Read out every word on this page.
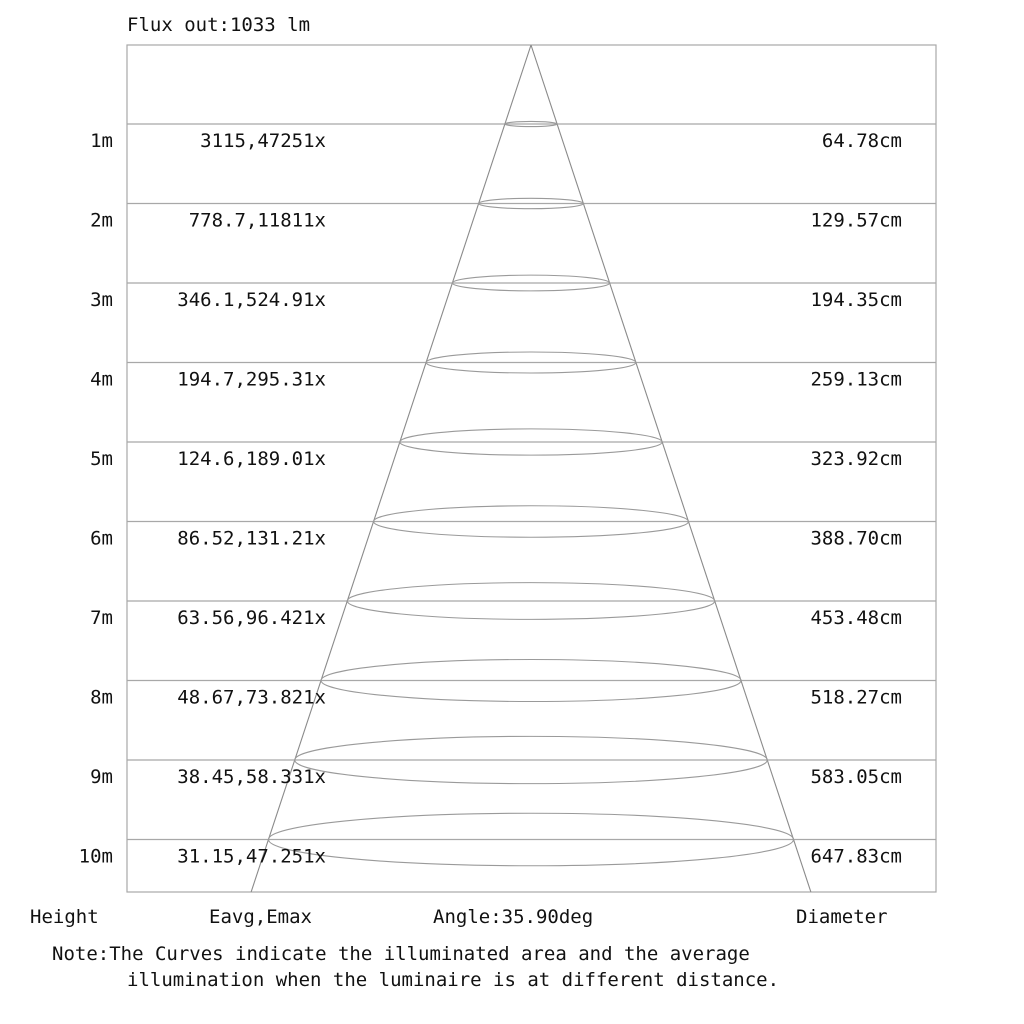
Flux out:1033 lm
1m	3115,47251x	64.78cm
2m	778.7,11811x	129.57cm
3m	346.1,524.91x	194.35cm
4m	194.7,295.31x	259.13cm
5m	124.6,189.01x	323.92cm
6m	86.52,131.21x	388.70cm
7m	63.56,96.421x	453.48cm
8m	48.67,73.821x	518.27cm
9m	38.45,58.331x	583.05cm
10m	31.15,47.251x	647.83cm
Height	Eavg,Emax	Angle:35.90deg	Diameter
Note:The Curves indicate the illuminated area and the average
illumination when the luminaire is at different distance.
